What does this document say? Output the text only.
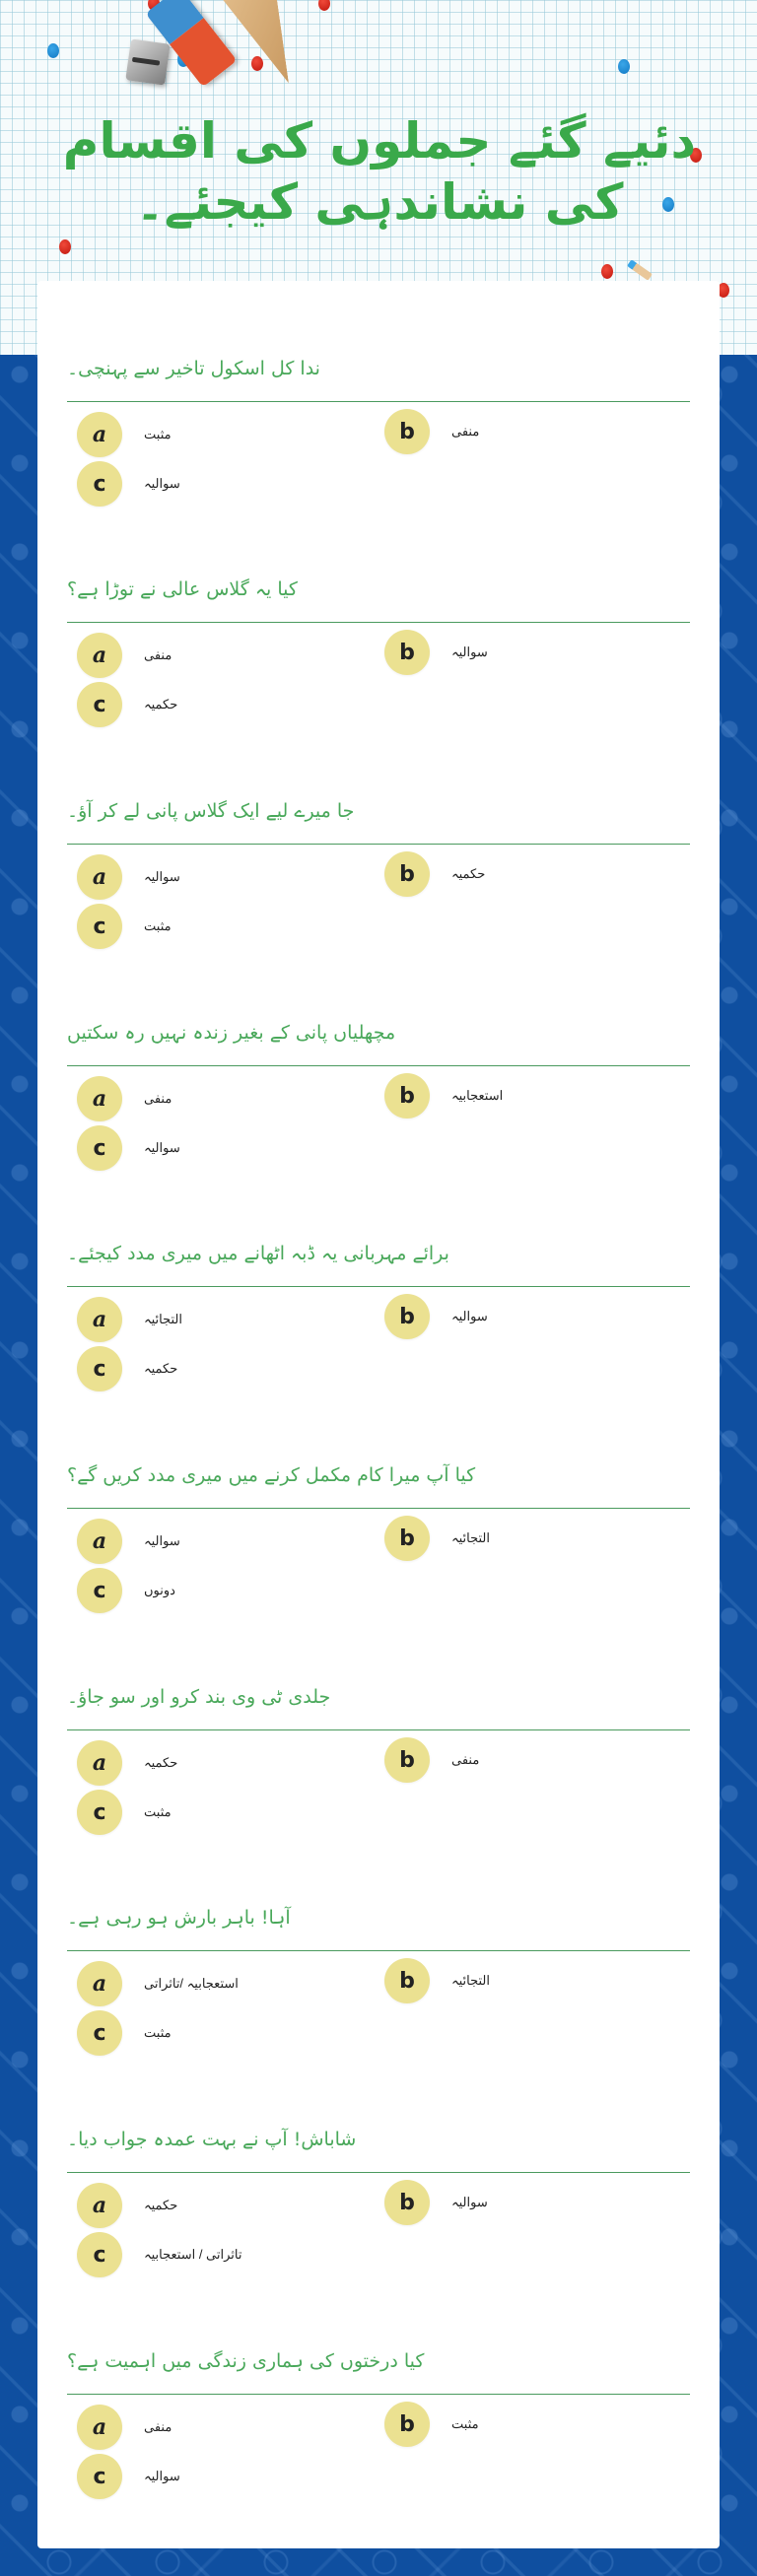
دئیے گئے جملوں کی اقسام کی نشاندہی کیجئے۔
ندا کل اسکول تاخیر سے پہنچی۔
a	مثبت	b	منفی
c	سوالیہ
کیا یہ گلاس عالی نے توڑا ہے؟
a	منفی	b	سوالیہ
c	حکمیہ
جا میرے لیے ایک گلاس پانی لے کر آؤ۔
a	سوالیہ	b	حکمیہ
c	مثبت
مچھلیاں پانی کے بغیر زندہ نہیں رہ سکتیں
a	منفی	b	استعجابیہ
c	سوالیہ
برائے مہربانی یہ ڈبہ اٹھانے میں میری مدد کیجئے۔
a	التجائیہ	b	سوالیہ
c	حکمیہ
کیا آپ میرا کام مکمل کرنے میں میری مدد کریں گے؟
a	سوالیہ	b	التجائیہ
c	دونوں
جلدی ٹی وی بند کرو اور سو جاؤ۔
a	حکمیہ	b	منفی
c	مثبت
آہا! باہر بارش ہو رہی ہے۔
a	استعجابیہ /تاثراتی	b	التجائیہ
c	مثبت
شاباش! آپ نے بہت عمدہ جواب دیا۔
a	حکمیہ	b	سوالیہ
c	تاثراتی / استعجابیہ
کیا درختوں کی ہماری زندگی میں اہمیت ہے؟
a	منفی	b	مثبت
c	سوالیہ
